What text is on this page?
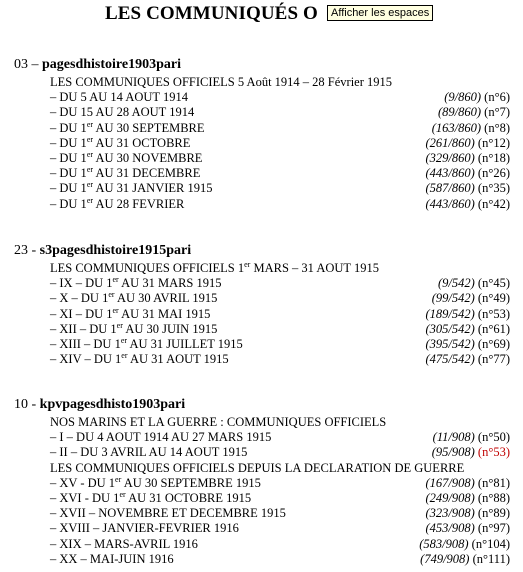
LES COMMUNIQUÉS O	Afficher les espaces
03 – pagesdhistoire1903pari
LES COMMUNIQUES OFFICIELS 5 Août 1914 – 28 Février 1915
– DU 5 AU 14 AOUT 1914	(9/860) (n°6)
– DU 15 AU 28 AOUT 1914	(89/860) (n°7)
– DU 1er AU 30 SEPTEMBRE	(163/860) (n°8)
– DU 1er AU 31 OCTOBRE	(261/860) (n°12)
– DU 1er AU 30 NOVEMBRE	(329/860) (n°18)
– DU 1er AU 31 DECEMBRE	(443/860) (n°26)
– DU 1er AU 31 JANVIER 1915	(587/860) (n°35)
– DU 1er AU 28 FEVRIER	(443/860) (n°42)
23 - s3pagesdhistoire1915pari
LES COMMUNIQUES OFFICIELS 1er MARS – 31 AOUT 1915
– IX – DU 1er AU 31 MARS 1915	(9/542) (n°45)
– X – DU 1er AU 30 AVRIL 1915	(99/542) (n°49)
– XI – DU 1er AU 31 MAI 1915	(189/542) (n°53)
– XII – DU 1er AU 30 JUIN 1915	(305/542) (n°61)
– XIII – DU 1er AU 31 JUILLET 1915	(395/542) (n°69)
– XIV – DU 1er AU 31 AOUT 1915	(475/542) (n°77)
10 - kpvpagesdhisto1903pari
NOS MARINS ET LA GUERRE : COMMUNIQUES OFFICIELS
– I – DU 4 AOUT 1914 AU 27 MARS 1915	(11/908) (n°50)
– II – DU 3 AVRIL AU 14 AOUT 1915	(95/908) (n°53)
LES COMMUNIQUES OFFICIELS DEPUIS LA DECLARATION DE GUERRE
– XV - DU 1er AU 30 SEPTEMBRE 1915	(167/908) (n°81)
– XVI - DU 1er AU 31 OCTOBRE 1915	(249/908) (n°88)
– XVII – NOVEMBRE ET DECEMBRE 1915	(323/908) (n°89)
– XVIII – JANVIER-FEVRIER 1916	(453/908) (n°97)
– XIX – MARS-AVRIL 1916	(583/908) (n°104)
– XX – MAI-JUIN 1916	(749/908) (n°111)
